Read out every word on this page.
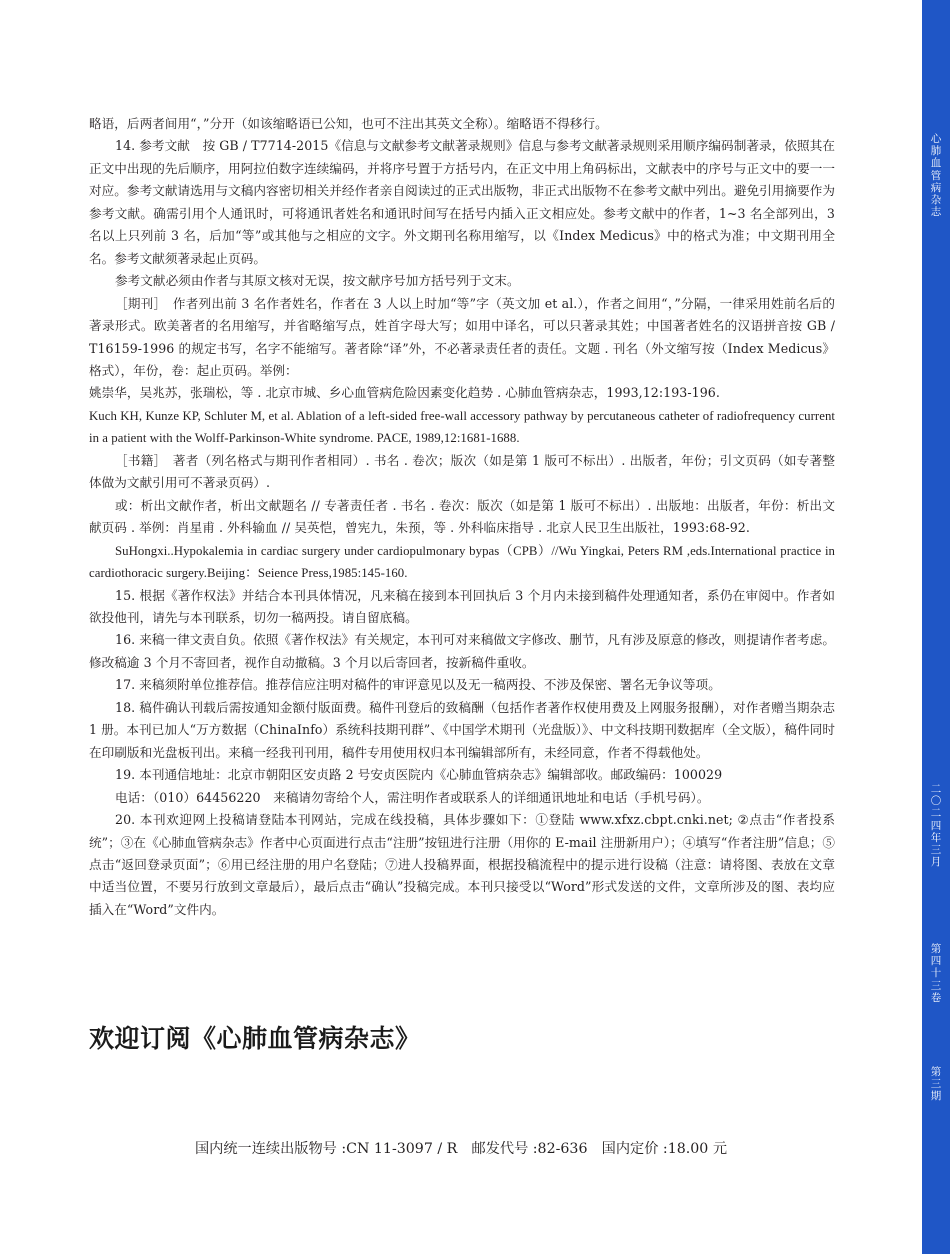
心
肺
血
管
病
杂
志
二
〇
二
四
年
三
月
第
四
十
三
卷
第
三
期

略语，后两者间用“，”分开（如该缩略语已公知，也可不注出其英文全称）。缩略语不得移行。

14. 参考文献　按 GB / T7714-2015《信息与文献参考文献著录规则》信息与参考文献著录规则采用顺序编码制著录，依照其在正文中出现的先后顺序，用阿拉伯数字连续编码，并将序号置于方括号内，在正文中用上角码标出，文献表中的序号与正文中的要一一对应。参考文献请选用与文稿内容密切相关并经作者亲自阅读过的正式出版物，非正式出版物不在参考文献中列出。避免引用摘要作为参考文献。确需引用个人通讯时，可将通讯者姓名和通讯时间写在括号内插入正文相应处。参考文献中的作者，1~3 名全部列出，3 名以上只列前 3 名，后加“等”或其他与之相应的文字。外文期刊名称用缩写，以《Index Medicus》中的格式为准；中文期刊用全名。参考文献须著录起止页码。

参考文献必须由作者与其原文核对无误，按文献序号加方括号列于文末。

［期刊］　作者列出前 3 名作者姓名，作者在 3 人以上时加“等”字（英文加 et al.），作者之间用“，”分隔，一律采用姓前名后的著录形式。欧美著者的名用缩写，并省略缩写点，姓首字母大写；如用中译名，可以只著录其姓；中国著者姓名的汉语拼音按 GB / T16159-1996 的规定书写，名字不能缩写。著者除“译”外，不必著录责任者的责任。文题 . 刊名（外文缩写按（Index Medicus》格式），年份，卷：起止页码。举例：

姚崇华，吴兆苏，张瑞松，等 . 北京市城、乡心血管病危险因素变化趋势 . 心肺血管病杂志，1993,12:193-196.

Kuch KH, Kunze KP, Schluter M, et al. Ablation of a left-sided free-wall accessory pathway by percutaneous catheter of radiofrequency current in a patient with the Wolff-Parkinson-White syndrome. PACE, 1989,12:1681-1688.

［书籍］　著者（列名格式与期刊作者相同）. 书名 . 卷次；版次（如是第 1 版可不标出）. 出版者，年份；引文页码（如专著整体做为文献引用可不著录页码）.

或：析出文献作者，析出文献题名 // 专著责任者 . 书名 . 卷次：版次（如是第 1 版可不标出）. 出版地：出版者，年份：析出文献页码 . 举例：肖星甫 . 外科输血 // 吴英恺，曾宪九，朱预，等 . 外科临床指导 . 北京人民卫生出版社，1993:68-92.

SuHongxi..Hypokalemia in cardiac surgery under cardiopulmonary bypas（CPB）//Wu Yingkai, Peters RM ,eds.International practice in cardiothoracic surgery.Beijing：Seience Press,1985:145-160.

15. 根据《著作权法》并结合本刊具体情况，凡来稿在接到本刊回执后 3 个月内未接到稿件处理通知者，系仍在审阅中。作者如欲投他刊，请先与本刊联系，切勿一稿两投。请自留底稿。

16. 来稿一律文责自负。依照《著作权法》有关规定，本刊可对来稿做文字修改、删节，凡有涉及原意的修改，则提请作者考虑。修改稿逾 3 个月不寄回者，视作自动撤稿。3 个月以后寄回者，按新稿件重收。

17. 来稿须附单位推荐信。推荐信应注明对稿件的审评意见以及无一稿两投、不涉及保密、署名无争议等项。

18. 稿件确认刊载后需按通知金额付版面费。稿件刊登后的致稿酬（包括作者著作权使用费及上网服务报酬），对作者赠当期杂志 1 册。本刊已加人“万方数据（ChinaInfo）系统科技期刊群”、《中国学术期刊（光盘版）》、中文科技期刊数据库（全文版），稿件同时在印刷版和光盘板刊出。来稿一经我刊刊用，稿件专用使用权归本刊编辑部所有，未经同意，作者不得载他处。

19. 本刊通信地址：北京市朝阳区安贞路 2 号安贞医院内《心肺血管病杂志》编辑部收。邮政编码：100029

电话：（010）64456220　来稿请勿寄给个人，需注明作者或联系人的详细通讯地址和电话（手机号码）。

20. 本刊欢迎网上投稿请登陆本刊网站，完成在线投稿，具体步骤如下：①登陆 www.xfxz.cbpt.cnki.net; ②点击“作者投系统”；③在《心肺血管病杂志》作者中心页面进行点击“注册”按钮进行注册（用你的 E-mail 注册新用户）；④填写“作者注册”信息；⑤点击“返回登录页面”；⑥用已经注册的用户名登陆；⑦进人投稿界面，根据投稿流程中的提示进行设稿（注意：请将图、表放在文章中适当位置，不要另行放到文章最后），最后点击“确认”投稿完成。本刊只接受以“Word”形式发送的文件，文章所涉及的图、表均应插入在“Word”文件内。

欢迎订阅《心肺血管病杂志》
国内统一连续出版物号 :CN 11-3097 / R　邮发代号 :82-636　国内定价 :18.00 元
